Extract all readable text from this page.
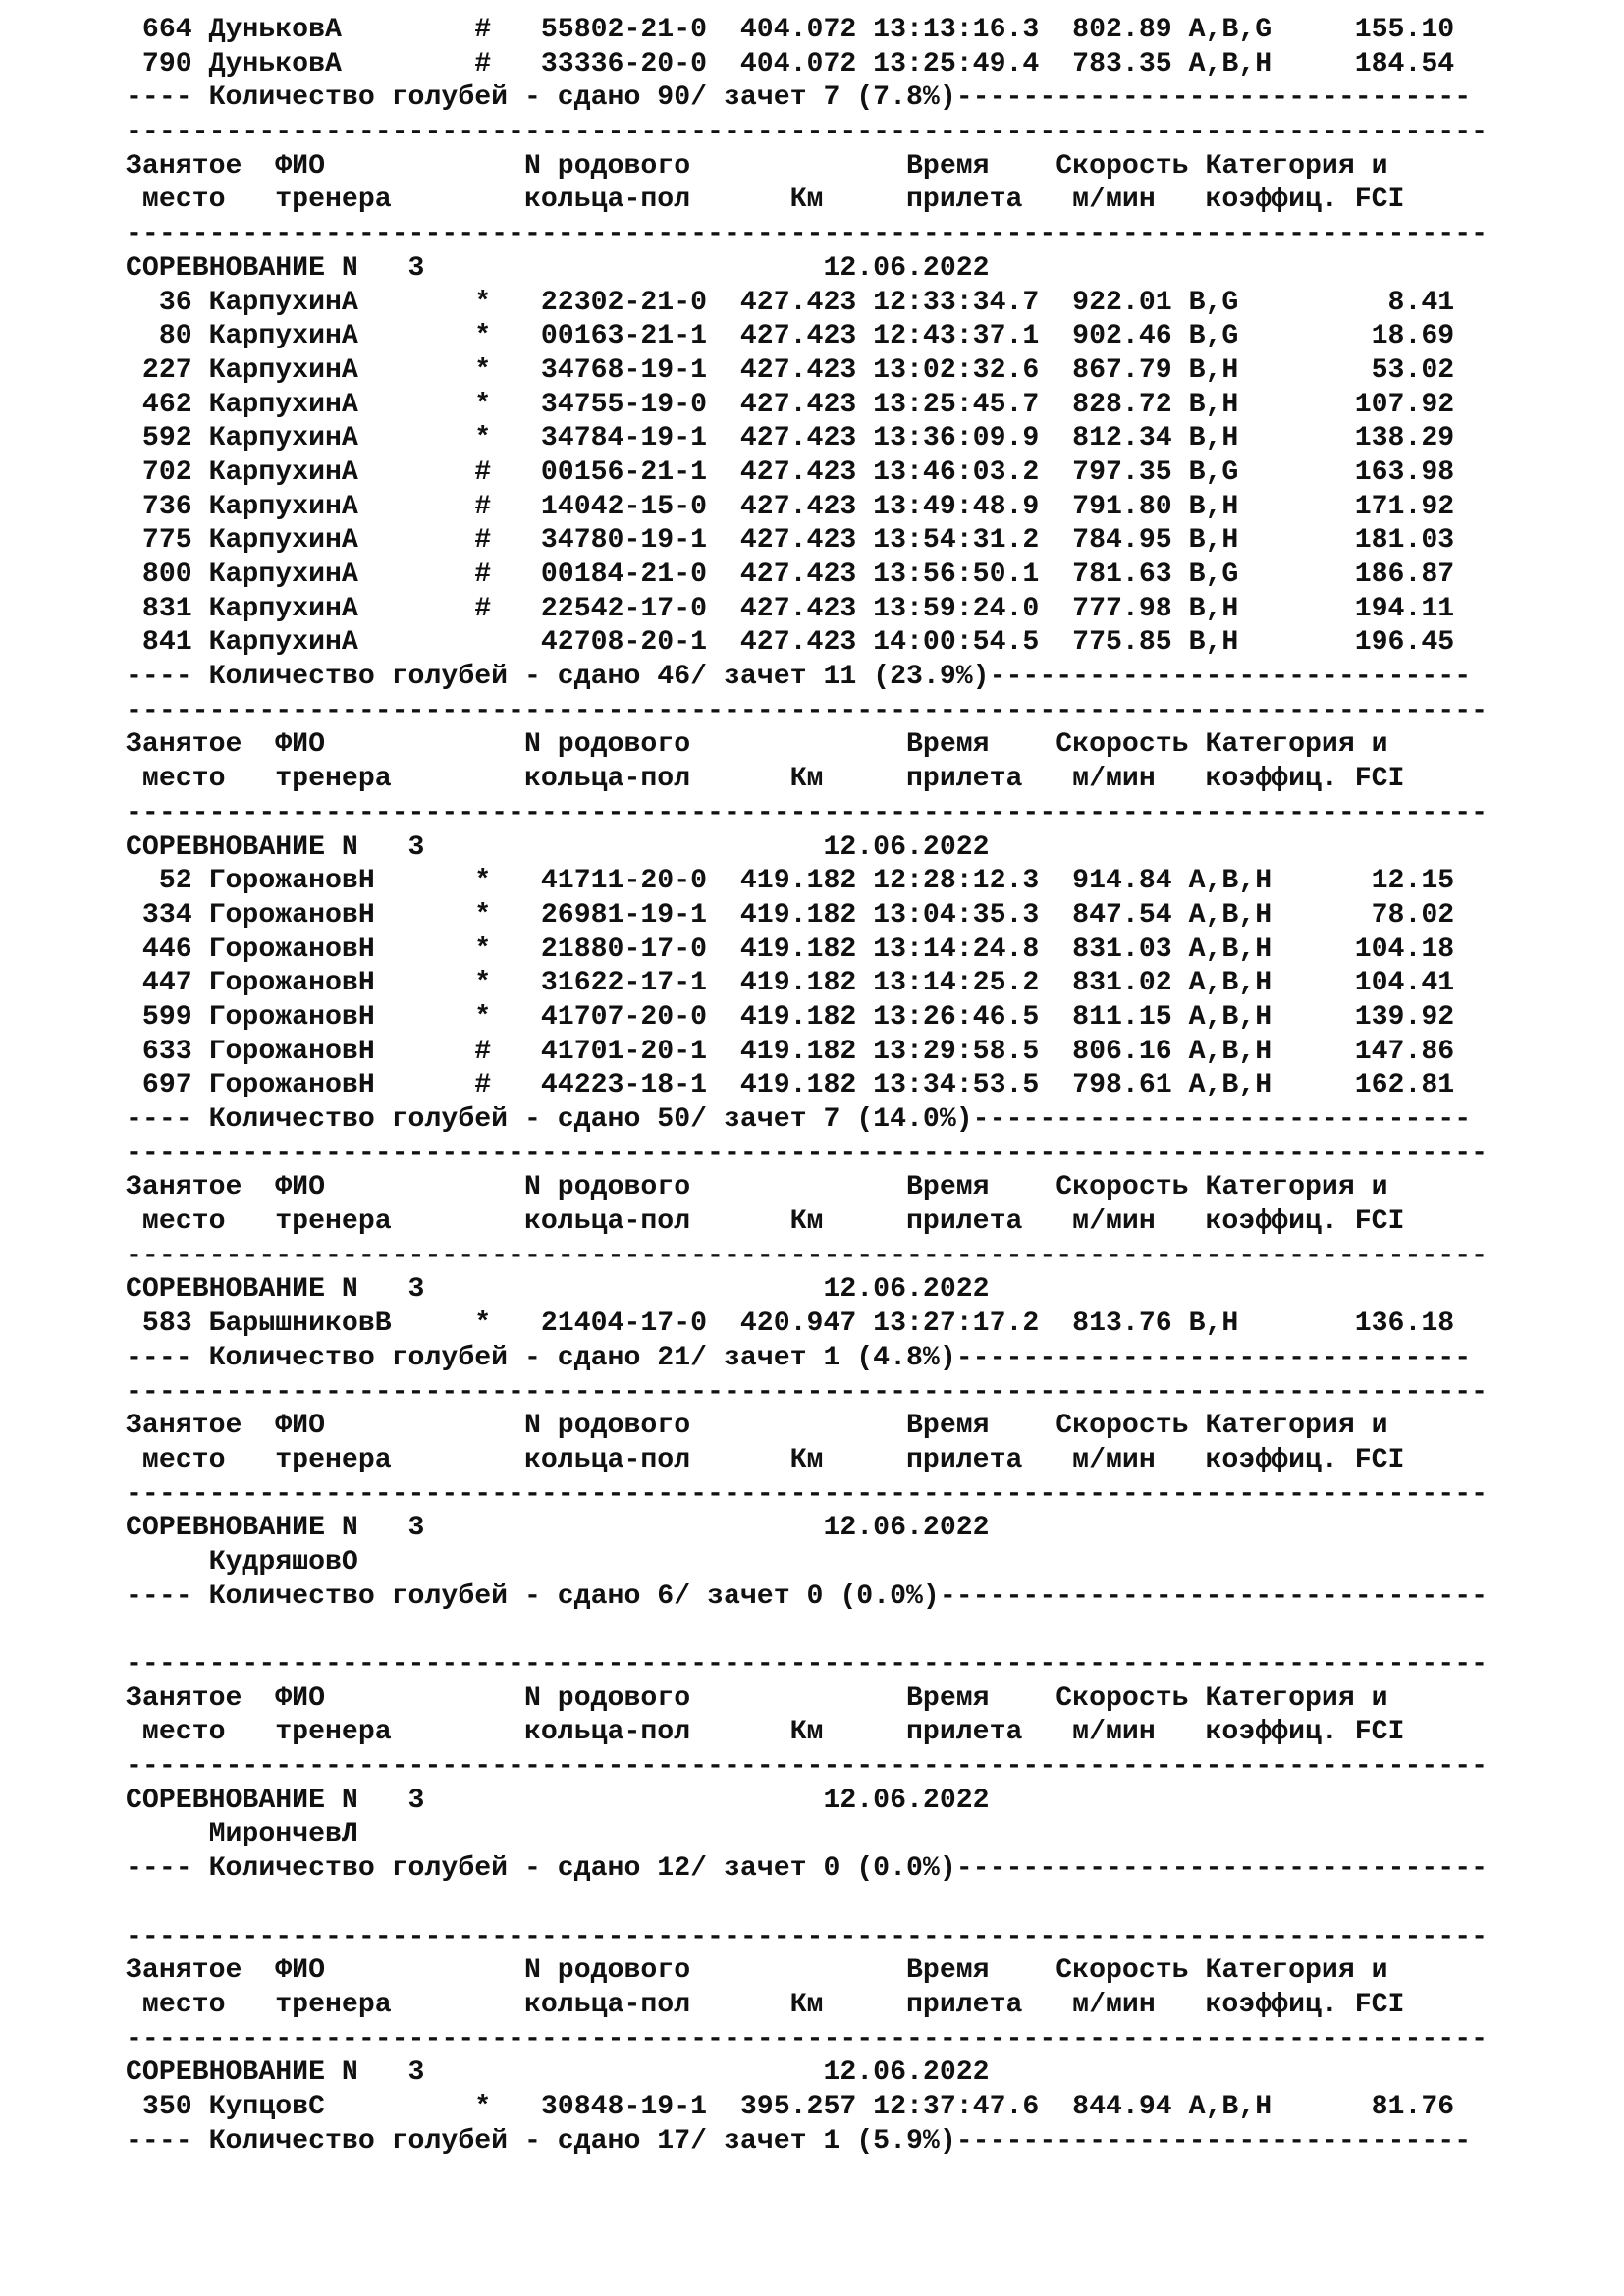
664 ДуньковА        #   55802-21-0  404.072 13:13:16.3  802.89 A,B,G     155.10
790 ДуньковА        #   33336-20-0  404.072 13:25:49.4  783.35 A,B,H     184.54
---- Количество голубей - сдано 90/ зачет 7 (7.8%)-------------------------------
----------------------------------------------------------------------------------
Занятое  ФИО            N родового             Время    Скорость Категория и
место   тренера        кольца-пол      Км     прилета   м/мин   коэффиц. FCI
----------------------------------------------------------------------------------
СОРЕВНОВАНИЕ N   3                        12.06.2022
36 КарпухинА       *   22302-21-0  427.423 12:33:34.7  922.01 B,G         8.41
80 КарпухинА       *   00163-21-1  427.423 12:43:37.1  902.46 B,G        18.69
227 КарпухинА       *   34768-19-1  427.423 13:02:32.6  867.79 B,H        53.02
462 КарпухинА       *   34755-19-0  427.423 13:25:45.7  828.72 B,H       107.92
592 КарпухинА       *   34784-19-1  427.423 13:36:09.9  812.34 B,H       138.29
702 КарпухинА       #   00156-21-1  427.423 13:46:03.2  797.35 B,G       163.98
736 КарпухинА       #   14042-15-0  427.423 13:49:48.9  791.80 B,H       171.92
775 КарпухинА       #   34780-19-1  427.423 13:54:31.2  784.95 B,H       181.03
800 КарпухинА       #   00184-21-0  427.423 13:56:50.1  781.63 B,G       186.87
831 КарпухинА       #   22542-17-0  427.423 13:59:24.0  777.98 B,H       194.11
841 КарпухинА           42708-20-1  427.423 14:00:54.5  775.85 B,H       196.45
---- Количество голубей - сдано 46/ зачет 11 (23.9%)-----------------------------
----------------------------------------------------------------------------------
Занятое  ФИО            N родового             Время    Скорость Категория и
место   тренера        кольца-пол      Км     прилета   м/мин   коэффиц. FCI
----------------------------------------------------------------------------------
СОРЕВНОВАНИЕ N   3                        12.06.2022
52 ГорожановН      *   41711-20-0  419.182 12:28:12.3  914.84 A,B,H      12.15
334 ГорожановН      *   26981-19-1  419.182 13:04:35.3  847.54 A,B,H      78.02
446 ГорожановН      *   21880-17-0  419.182 13:14:24.8  831.03 A,B,H     104.18
447 ГорожановН      *   31622-17-1  419.182 13:14:25.2  831.02 A,B,H     104.41
599 ГорожановН      *   41707-20-0  419.182 13:26:46.5  811.15 A,B,H     139.92
633 ГорожановН      #   41701-20-1  419.182 13:29:58.5  806.16 A,B,H     147.86
697 ГорожановН      #   44223-18-1  419.182 13:34:53.5  798.61 A,B,H     162.81
---- Количество голубей - сдано 50/ зачет 7 (14.0%)------------------------------
----------------------------------------------------------------------------------
Занятое  ФИО            N родового             Время    Скорость Категория и
место   тренера        кольца-пол      Км     прилета   м/мин   коэффиц. FCI
----------------------------------------------------------------------------------
СОРЕВНОВАНИЕ N   3                        12.06.2022
583 БарышниковВ     *   21404-17-0  420.947 13:27:17.2  813.76 B,H       136.18
---- Количество голубей - сдано 21/ зачет 1 (4.8%)-------------------------------
----------------------------------------------------------------------------------
Занятое  ФИО            N родового             Время    Скорость Категория и
место   тренера        кольца-пол      Км     прилета   м/мин   коэффиц. FCI
----------------------------------------------------------------------------------
СОРЕВНОВАНИЕ N   3                        12.06.2022
КудряшовО
---- Количество голубей - сдано 6/ зачет 0 (0.0%)---------------------------------
----------------------------------------------------------------------------------
Занятое  ФИО            N родового             Время    Скорость Категория и
место   тренера        кольца-пол      Км     прилета   м/мин   коэффиц. FCI
----------------------------------------------------------------------------------
СОРЕВНОВАНИЕ N   3                        12.06.2022
МирончевЛ
---- Количество голубей - сдано 12/ зачет 0 (0.0%)--------------------------------
----------------------------------------------------------------------------------
Занятое  ФИО            N родового             Время    Скорость Категория и
место   тренера        кольца-пол      Км     прилета   м/мин   коэффиц. FCI
----------------------------------------------------------------------------------
СОРЕВНОВАНИЕ N   3                        12.06.2022
350 КупцовС         *   30848-19-1  395.257 12:37:47.6  844.94 A,B,H      81.76
---- Количество голубей - сдано 17/ зачет 1 (5.9%)-------------------------------
